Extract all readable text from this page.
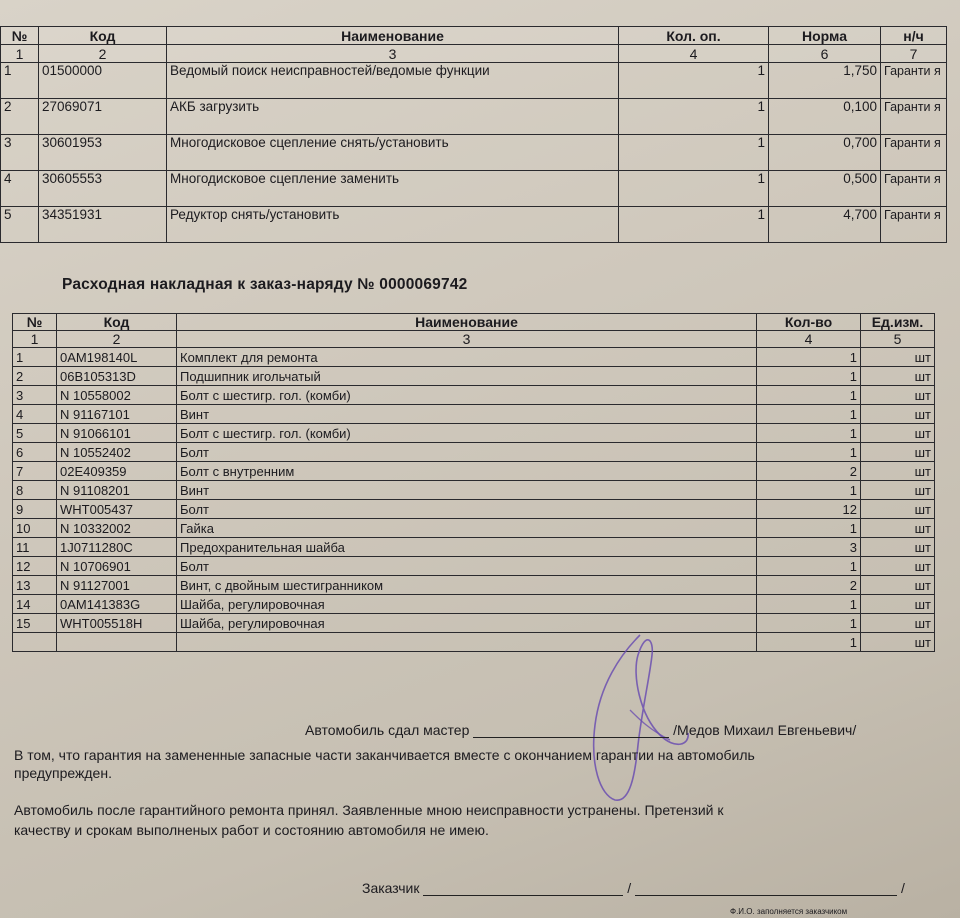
№	Код	Наименование	Кол. оп.	Норма	н/ч
1	2	3	4	6	7
1	01500000	Ведомый поиск неисправностей/ведомые функции	1	1,750	Гаранти я
2	27069071	АКБ загрузить	1	0,100	Гаранти я
3	30601953	Многодисковое сцепление снять/установить	1	0,700	Гаранти я
4	30605553	Многодисковое сцепление заменить	1	0,500	Гаранти я
5	34351931	Редуктор снять/установить	1	4,700	Гаранти я
Расходная накладная к заказ-наряду № 0000069742
№	Код	Наименование	Кол-во	Ед.изм.
1	2	3	4	5
1	0AM198140L	Комплект для ремонта	1	шт
2	06B105313D	Подшипник игольчатый	1	шт
3	N 10558002	Болт с шестигр. гол. (комби)	1	шт
4	N 91167101	Винт	1	шт
5	N 91066101	Болт с шестигр. гол. (комби)	1	шт
6	N 10552402	Болт	1	шт
7	02E409359	Болт с внутренним	2	шт
8	N 91108201	Винт	1	шт
9	WHT005437	Болт	12	шт
10	N 10332002	Гайка	1	шт
11	1J0711280C	Предохранительная шайба	3	шт
12	N 10706901	Болт	1	шт
13	N 91127001	Винт, с двойным шестигранником	2	шт
14	0AM141383G	Шайба, регулировочная	1	шт
15	WHT005518H	Шайба, регулировочная	1	шт
			1	шт
Автомобиль сдал мастер	/Медов Михаил Евгеньевич/
В том, что гарантия на замененные запасные части заканчивается вместе с окончанием гарантии на автомобиль
предупрежден.
Автомобиль после гарантийного ремонта принял. Заявленные мною неисправности устранены. Претензий к
качеству и срокам выполненых работ и состоянию автомобиля не имею.
Заказчик	/	/
Ф.И.О. заполняется заказчиком
